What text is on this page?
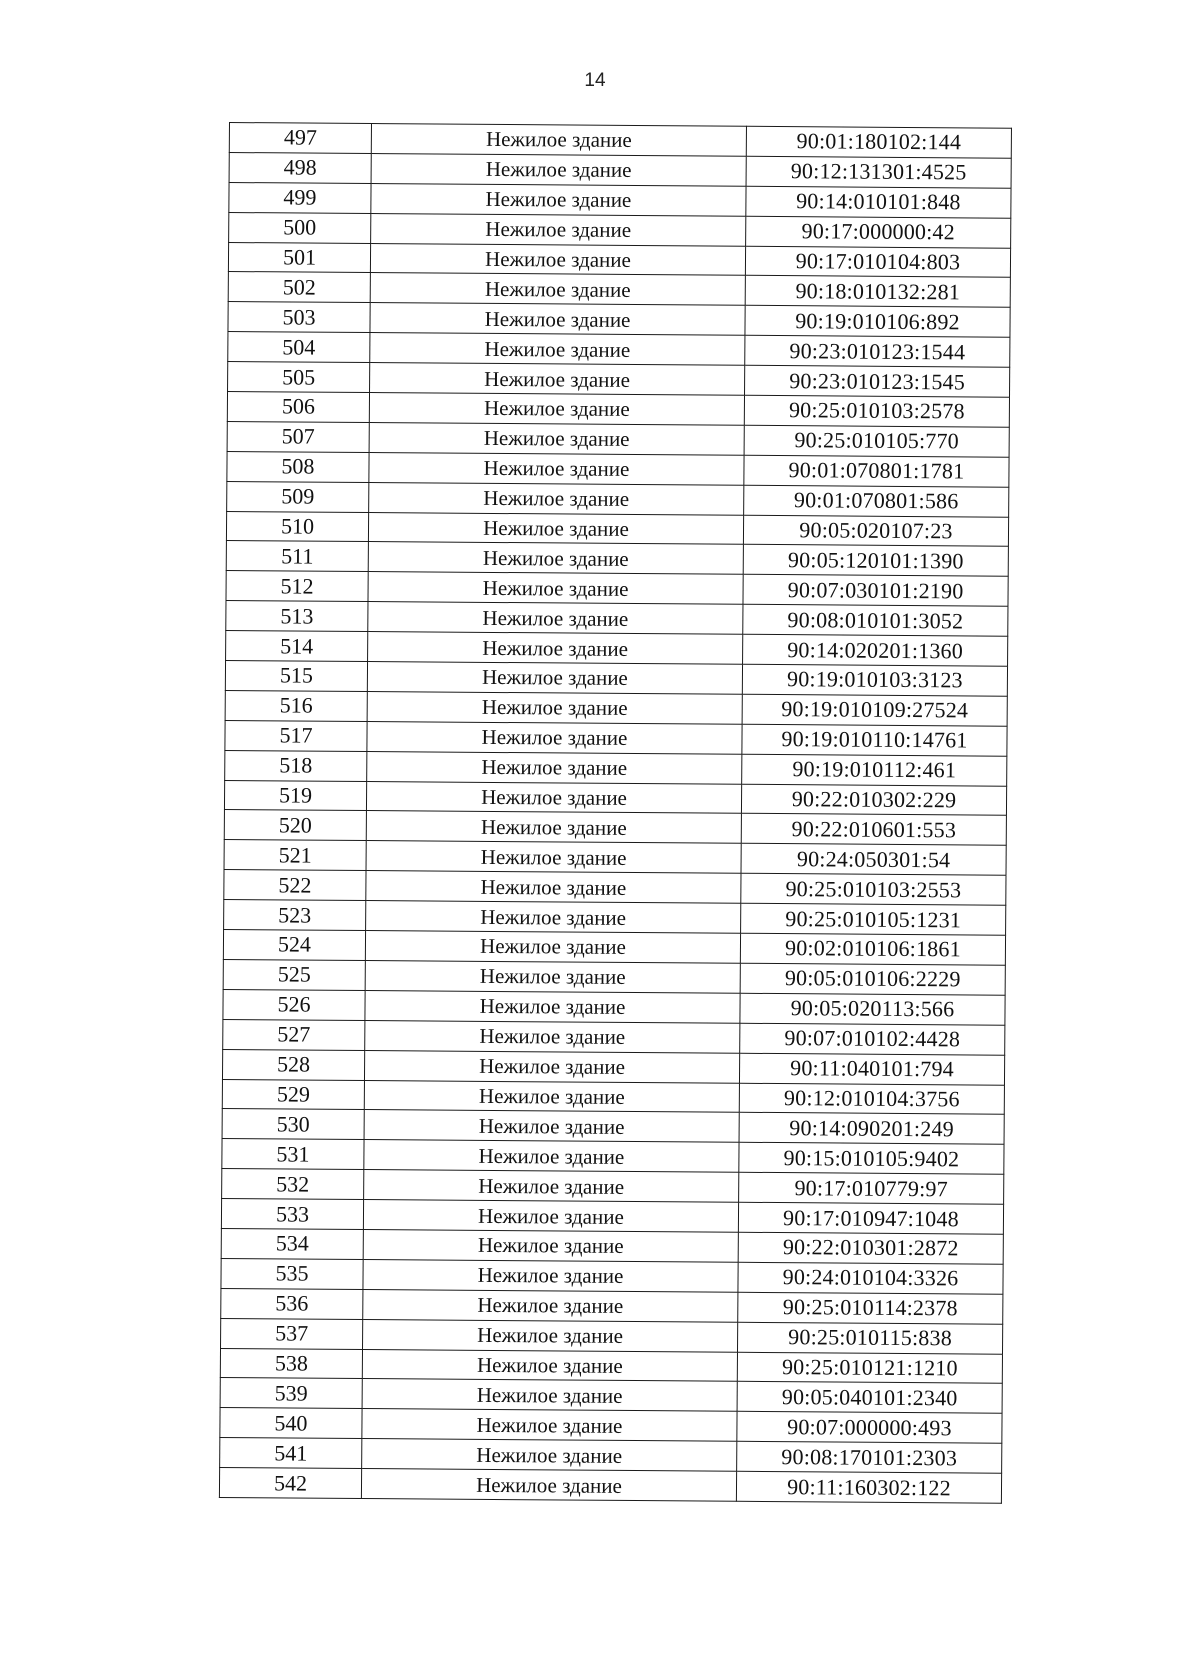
14
497	Нежилое здание	90:01:180102:144
498	Нежилое здание	90:12:131301:4525
499	Нежилое здание	90:14:010101:848
500	Нежилое здание	90:17:000000:42
501	Нежилое здание	90:17:010104:803
502	Нежилое здание	90:18:010132:281
503	Нежилое здание	90:19:010106:892
504	Нежилое здание	90:23:010123:1544
505	Нежилое здание	90:23:010123:1545
506	Нежилое здание	90:25:010103:2578
507	Нежилое здание	90:25:010105:770
508	Нежилое здание	90:01:070801:1781
509	Нежилое здание	90:01:070801:586
510	Нежилое здание	90:05:020107:23
511	Нежилое здание	90:05:120101:1390
512	Нежилое здание	90:07:030101:2190
513	Нежилое здание	90:08:010101:3052
514	Нежилое здание	90:14:020201:1360
515	Нежилое здание	90:19:010103:3123
516	Нежилое здание	90:19:010109:27524
517	Нежилое здание	90:19:010110:14761
518	Нежилое здание	90:19:010112:461
519	Нежилое здание	90:22:010302:229
520	Нежилое здание	90:22:010601:553
521	Нежилое здание	90:24:050301:54
522	Нежилое здание	90:25:010103:2553
523	Нежилое здание	90:25:010105:1231
524	Нежилое здание	90:02:010106:1861
525	Нежилое здание	90:05:010106:2229
526	Нежилое здание	90:05:020113:566
527	Нежилое здание	90:07:010102:4428
528	Нежилое здание	90:11:040101:794
529	Нежилое здание	90:12:010104:3756
530	Нежилое здание	90:14:090201:249
531	Нежилое здание	90:15:010105:9402
532	Нежилое здание	90:17:010779:97
533	Нежилое здание	90:17:010947:1048
534	Нежилое здание	90:22:010301:2872
535	Нежилое здание	90:24:010104:3326
536	Нежилое здание	90:25:010114:2378
537	Нежилое здание	90:25:010115:838
538	Нежилое здание	90:25:010121:1210
539	Нежилое здание	90:05:040101:2340
540	Нежилое здание	90:07:000000:493
541	Нежилое здание	90:08:170101:2303
542	Нежилое здание	90:11:160302:122
